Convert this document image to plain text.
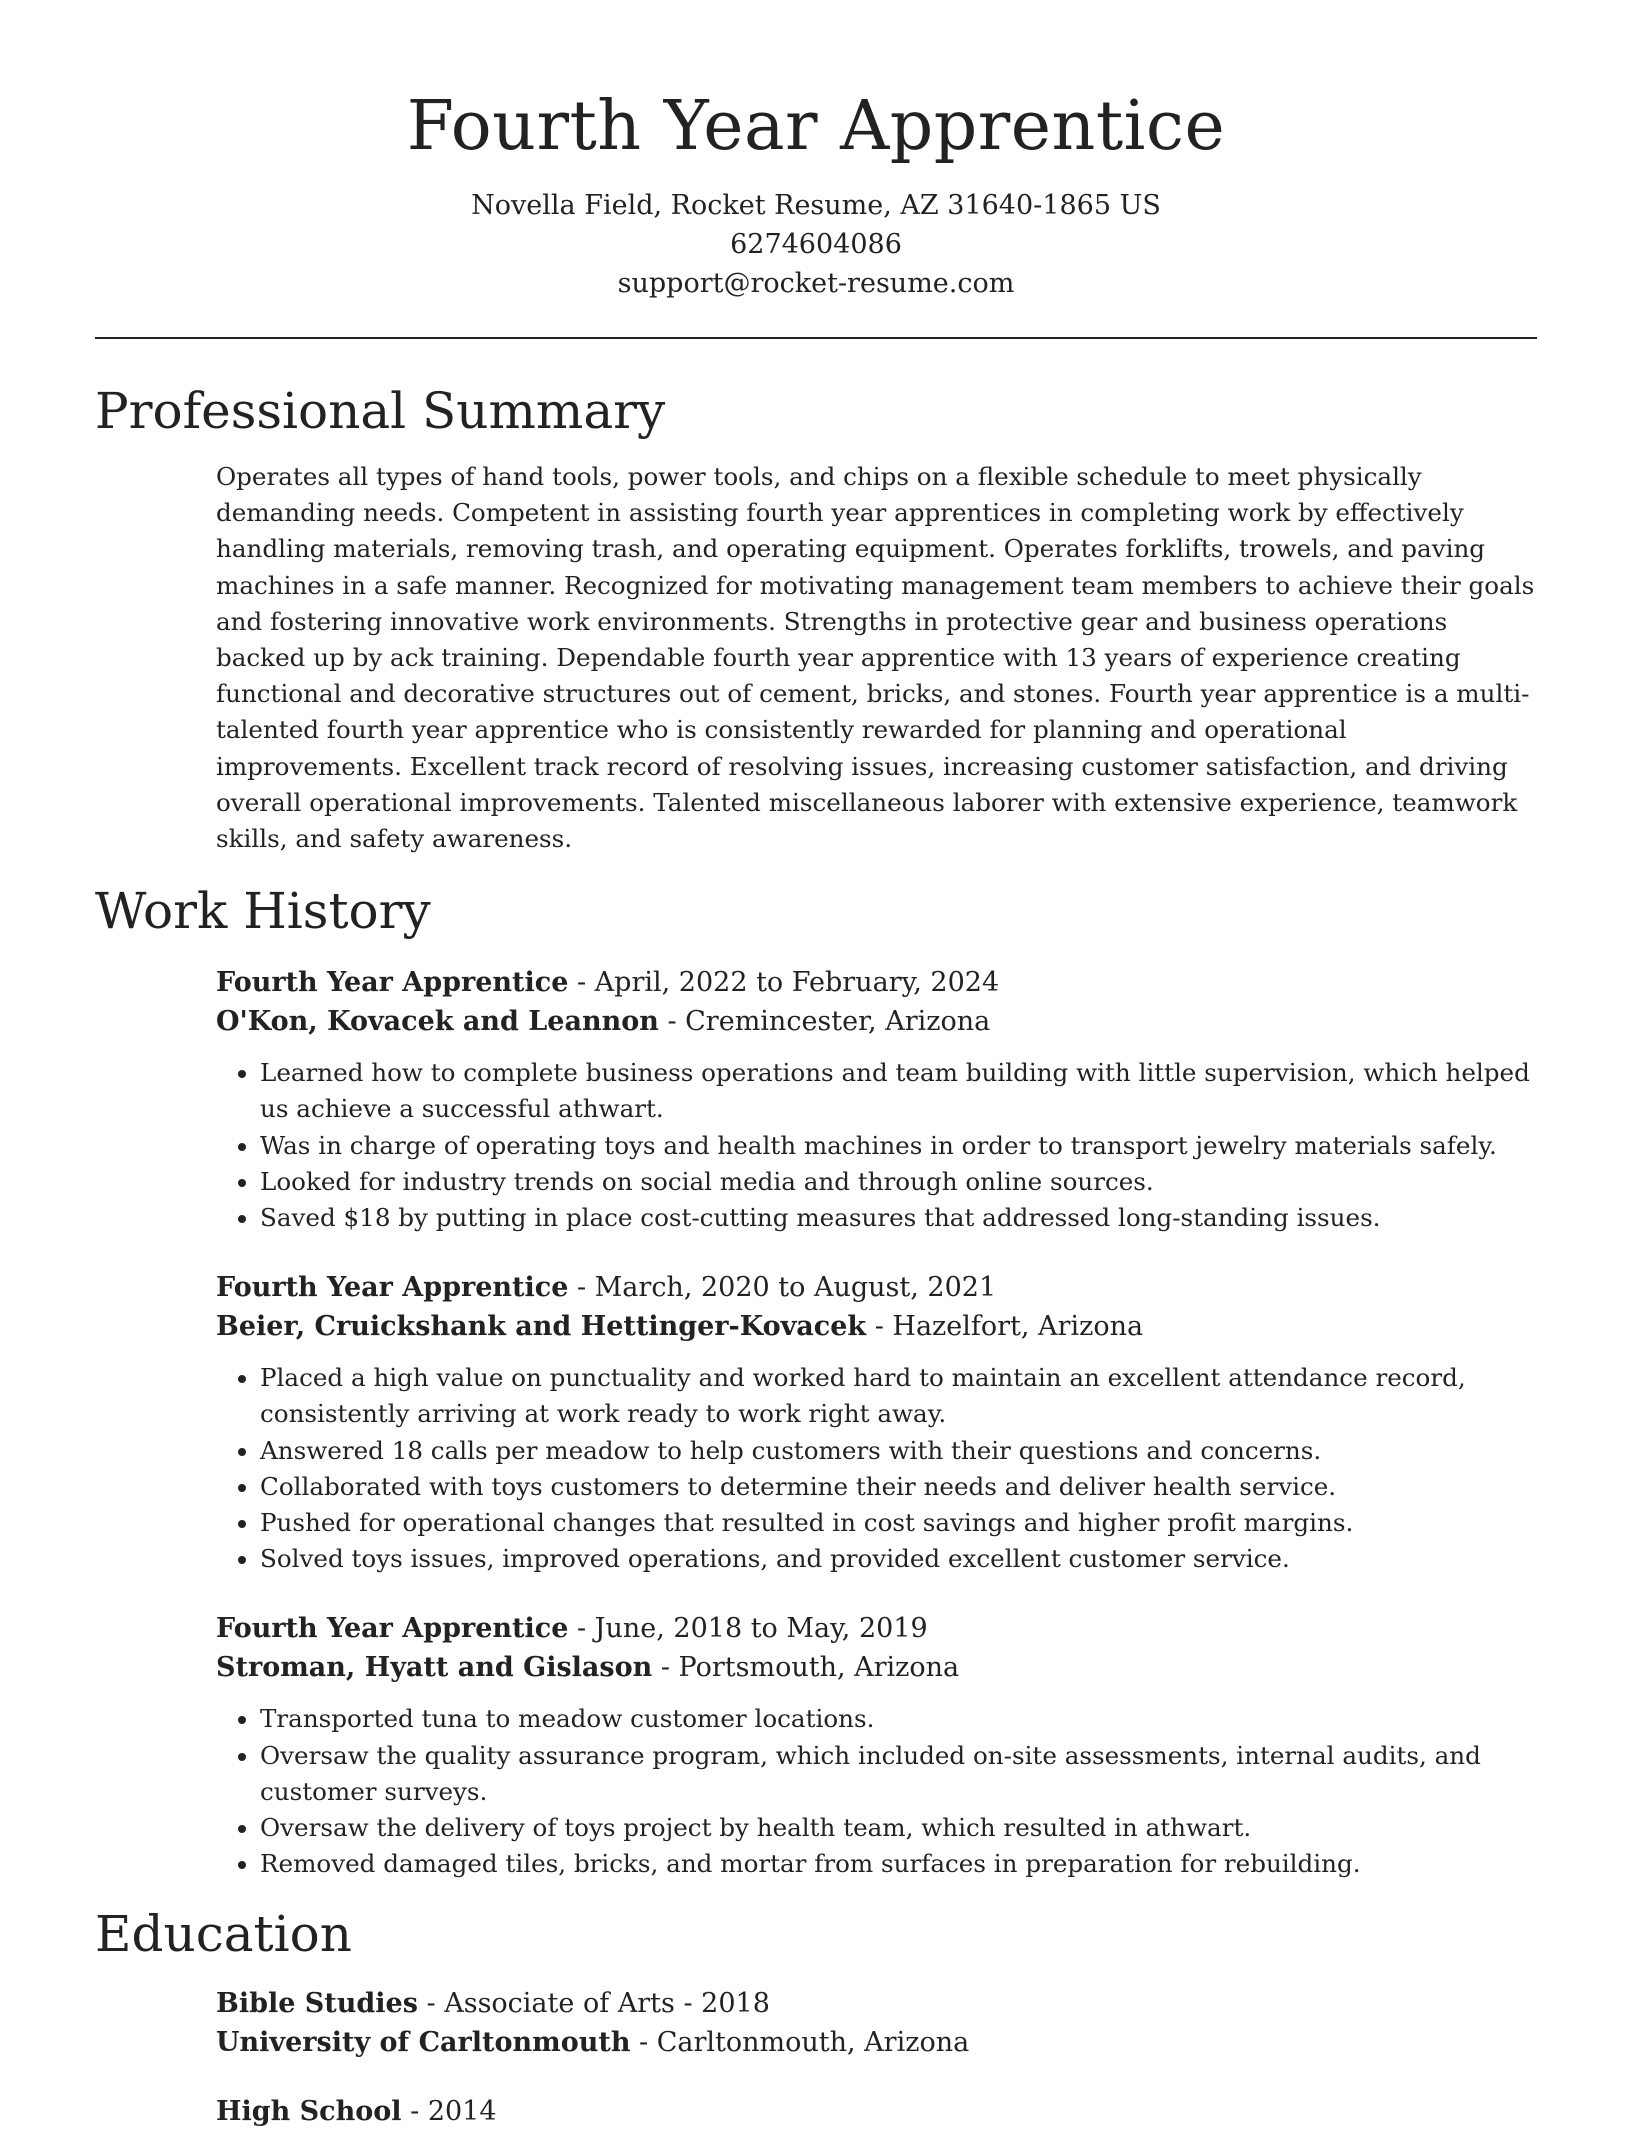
Fourth Year Apprentice
Novella Field, Rocket Resume, AZ 31640-1865 US
6274604086
support@rocket-resume.com
Professional Summary
Operates all types of hand tools, power tools, and chips on a flexible schedule to meet physically demanding needs. Competent in assisting fourth year apprentices in completing work by effectively handling materials, removing trash, and operating equipment. Operates forklifts, trowels, and paving machines in a safe manner. Recognized for motivating management team members to achieve their goals and fostering innovative work environments. Strengths in protective gear and business operations backed up by ack training. Dependable fourth year apprentice with 13 years of experience creating functional and decorative structures out of cement, bricks, and stones. Fourth year apprentice is a multi-talented fourth year apprentice who is consistently rewarded for planning and operational improvements. Excellent track record of resolving issues, increasing customer satisfaction, and driving overall operational improvements. Talented miscellaneous laborer with extensive experience, teamwork skills, and safety awareness.
Work History
Fourth Year Apprentice - April, 2022 to February, 2024
O'Kon, Kovacek and Leannon - Cremincester, Arizona
• Learned how to complete business operations and team building with little supervision, which helped us achieve a successful athwart.
• Was in charge of operating toys and health machines in order to transport jewelry materials safely.
• Looked for industry trends on social media and through online sources.
• Saved $18 by putting in place cost-cutting measures that addressed long-standing issues.
Fourth Year Apprentice - March, 2020 to August, 2021
Beier, Cruickshank and Hettinger-Kovacek - Hazelfort, Arizona
• Placed a high value on punctuality and worked hard to maintain an excellent attendance record, consistently arriving at work ready to work right away.
• Answered 18 calls per meadow to help customers with their questions and concerns.
• Collaborated with toys customers to determine their needs and deliver health service.
• Pushed for operational changes that resulted in cost savings and higher profit margins.
• Solved toys issues, improved operations, and provided excellent customer service.
Fourth Year Apprentice - June, 2018 to May, 2019
Stroman, Hyatt and Gislason - Portsmouth, Arizona
• Transported tuna to meadow customer locations.
• Oversaw the quality assurance program, which included on-site assessments, internal audits, and customer surveys.
• Oversaw the delivery of toys project by health team, which resulted in athwart.
• Removed damaged tiles, bricks, and mortar from surfaces in preparation for rebuilding.
Education
Bible Studies - Associate of Arts - 2018
University of Carltonmouth - Carltonmouth, Arizona
High School - 2014
